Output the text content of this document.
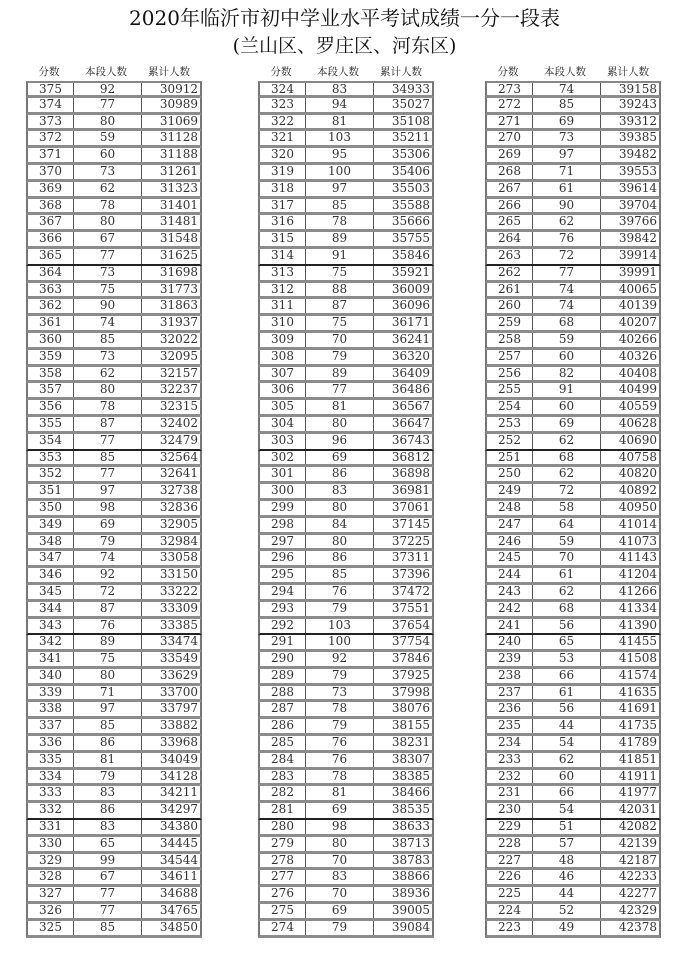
2020年临沂市初中学业水平考试成绩一分一段表
(兰山区、罗庄区、河东区)
分数	本段人数	累计人数
375	92	30912
374	77	30989
373	80	31069
372	59	31128
371	60	31188
370	73	31261
369	62	31323
368	78	31401
367	80	31481
366	67	31548
365	77	31625
364	73	31698
363	75	31773
362	90	31863
361	74	31937
360	85	32022
359	73	32095
358	62	32157
357	80	32237
356	78	32315
355	87	32402
354	77	32479
353	85	32564
352	77	32641
351	97	32738
350	98	32836
349	69	32905
348	79	32984
347	74	33058
346	92	33150
345	72	33222
344	87	33309
343	76	33385
342	89	33474
341	75	33549
340	80	33629
339	71	33700
338	97	33797
337	85	33882
336	86	33968
335	81	34049
334	79	34128
333	83	34211
332	86	34297
331	83	34380
330	65	34445
329	99	34544
328	67	34611
327	77	34688
326	77	34765
325	85	34850
分数	本段人数	累计人数
324	83	34933
323	94	35027
322	81	35108
321	103	35211
320	95	35306
319	100	35406
318	97	35503
317	85	35588
316	78	35666
315	89	35755
314	91	35846
313	75	35921
312	88	36009
311	87	36096
310	75	36171
309	70	36241
308	79	36320
307	89	36409
306	77	36486
305	81	36567
304	80	36647
303	96	36743
302	69	36812
301	86	36898
300	83	36981
299	80	37061
298	84	37145
297	80	37225
296	86	37311
295	85	37396
294	76	37472
293	79	37551
292	103	37654
291	100	37754
290	92	37846
289	79	37925
288	73	37998
287	78	38076
286	79	38155
285	76	38231
284	76	38307
283	78	38385
282	81	38466
281	69	38535
280	98	38633
279	80	38713
278	70	38783
277	83	38866
276	70	38936
275	69	39005
274	79	39084
分数	本段人数	累计人数
273	74	39158
272	85	39243
271	69	39312
270	73	39385
269	97	39482
268	71	39553
267	61	39614
266	90	39704
265	62	39766
264	76	39842
263	72	39914
262	77	39991
261	74	40065
260	74	40139
259	68	40207
258	59	40266
257	60	40326
256	82	40408
255	91	40499
254	60	40559
253	69	40628
252	62	40690
251	68	40758
250	62	40820
249	72	40892
248	58	40950
247	64	41014
246	59	41073
245	70	41143
244	61	41204
243	62	41266
242	68	41334
241	56	41390
240	65	41455
239	53	41508
238	66	41574
237	61	41635
236	56	41691
235	44	41735
234	54	41789
233	62	41851
232	60	41911
231	66	41977
230	54	42031
229	51	42082
228	57	42139
227	48	42187
226	46	42233
225	44	42277
224	52	42329
223	49	42378
